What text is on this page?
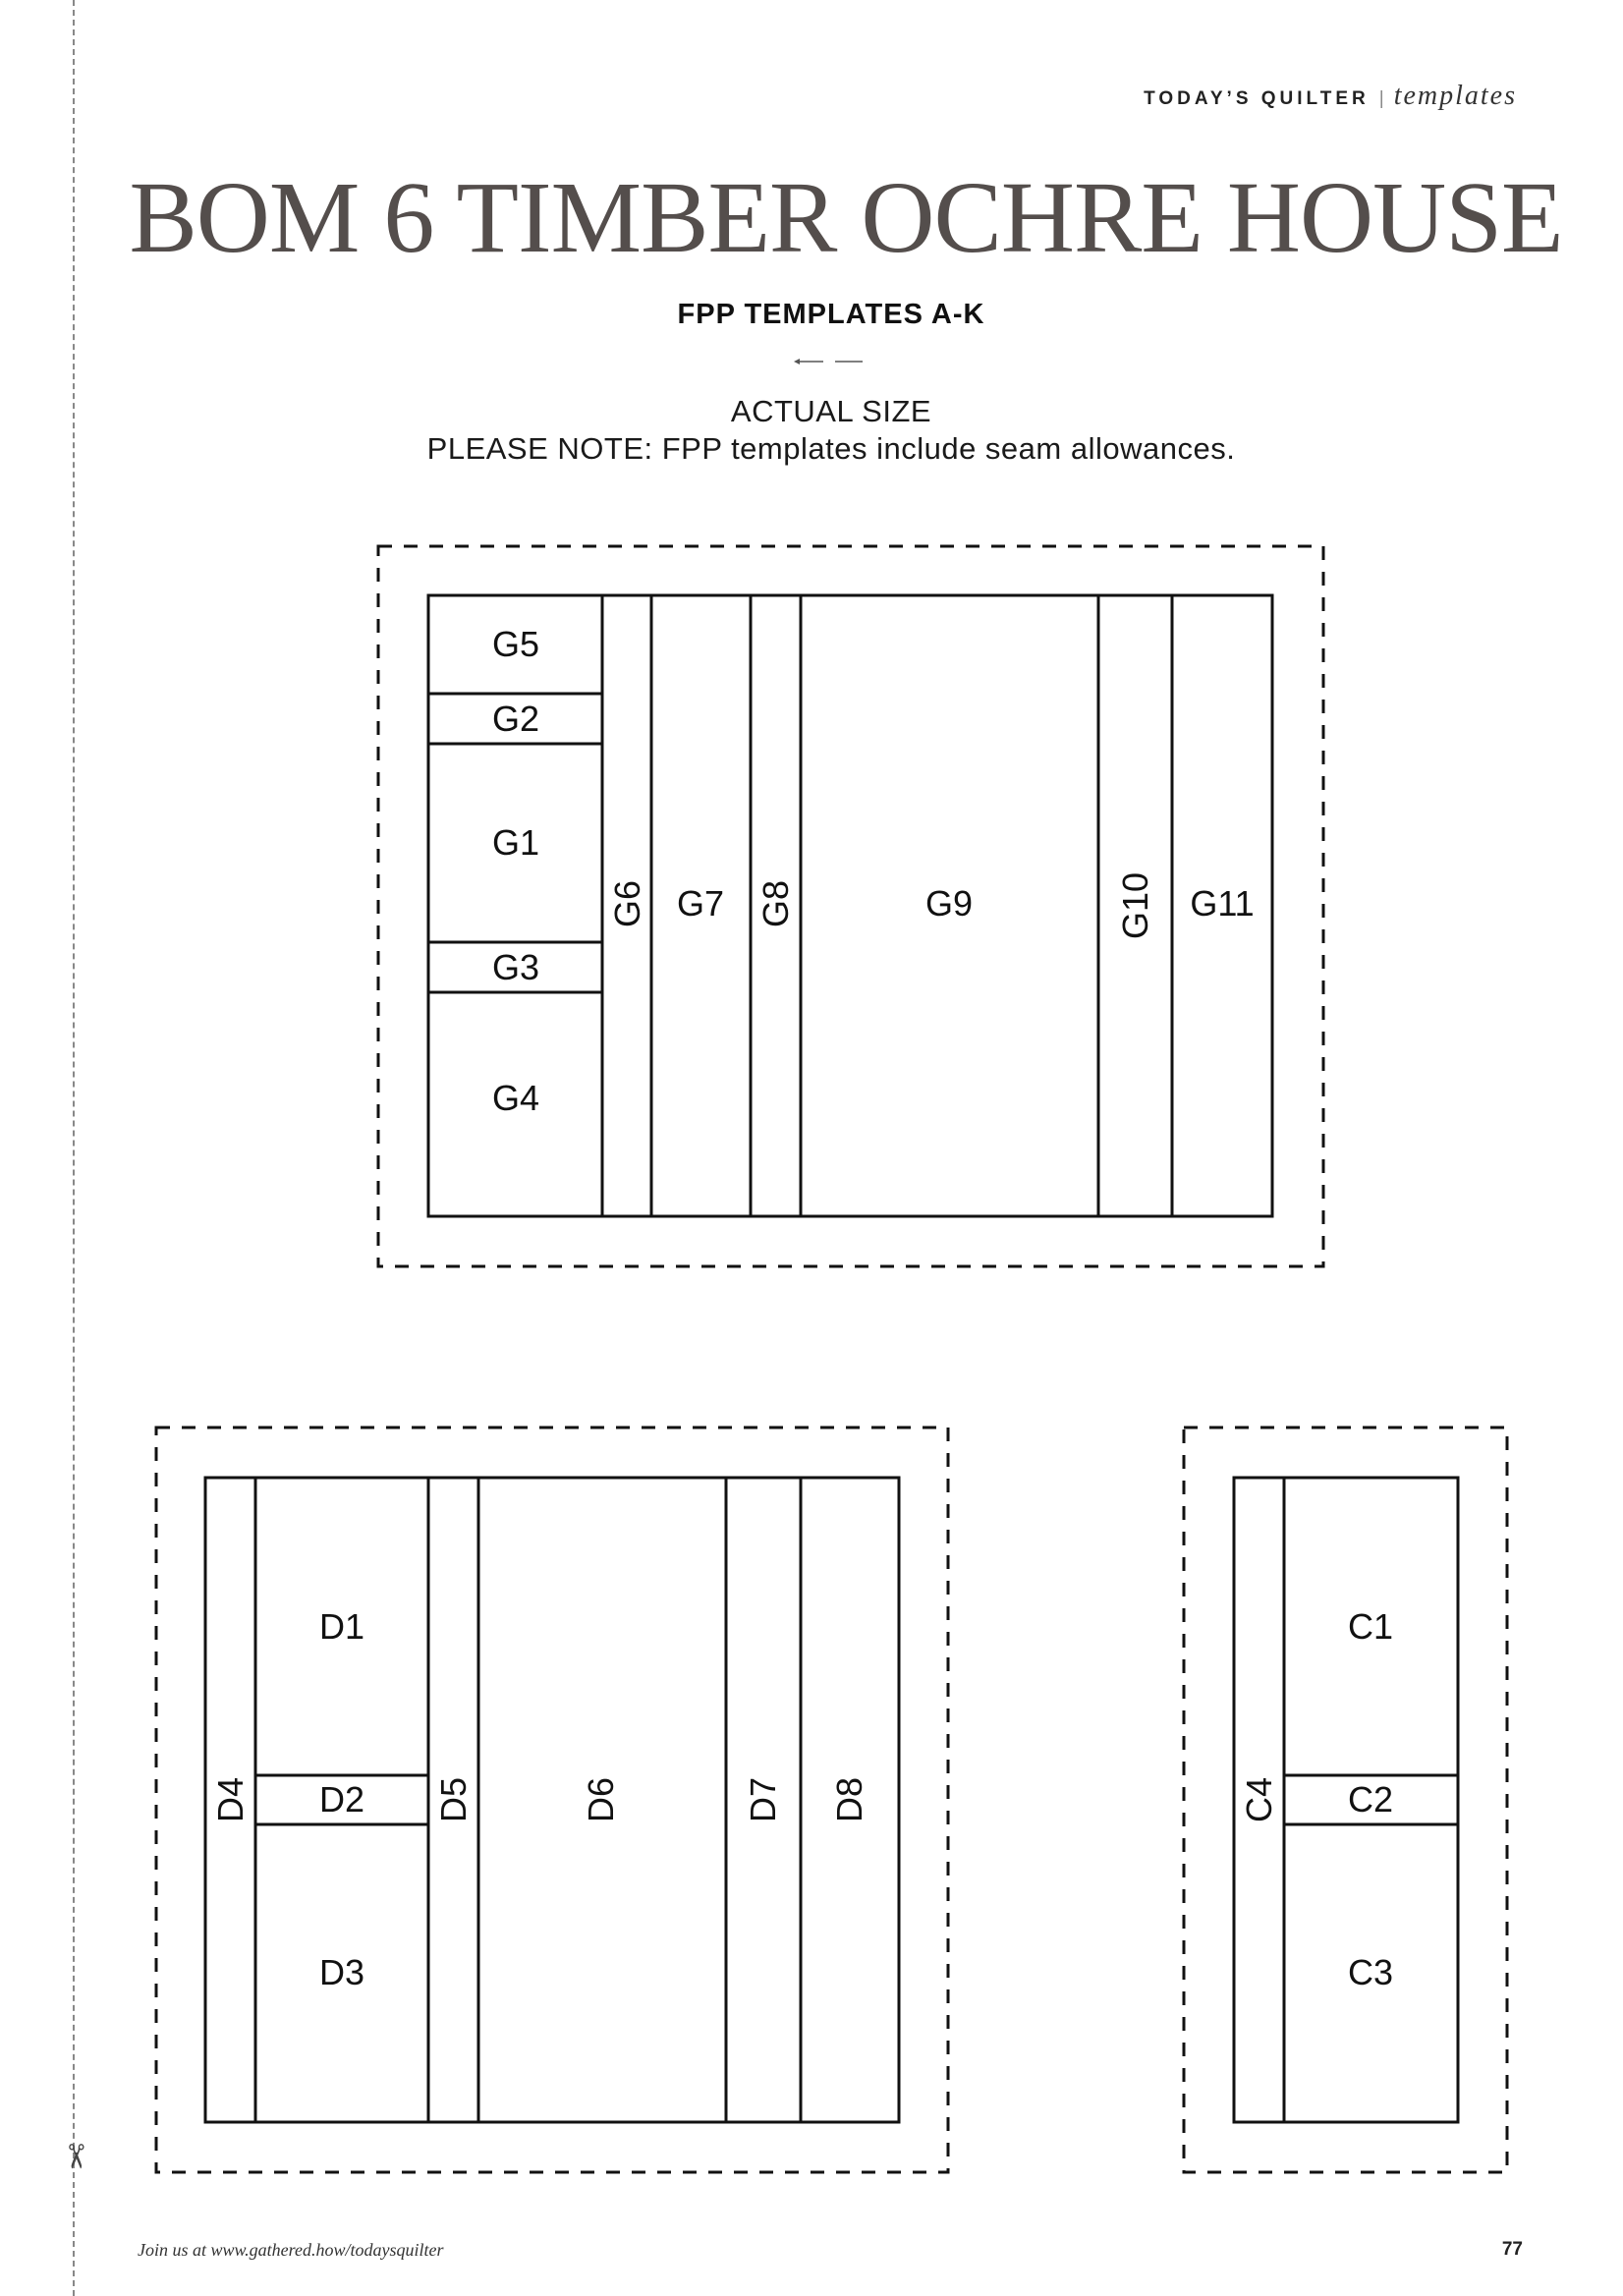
✂
TODAY’S QUILTER | templates
BOM 6 TIMBER OCHRE HOUSE
FPP TEMPLATES A-K
ACTUAL SIZE
PLEASE NOTE: FPP templates include seam allowances.
G5
G2
G1
G3
G4
G6 G7 G8	G9	G10 G11
D1
D2
D3
D4	D5	D6	D7 D8
C1
C2
C3
C4
Join us at www.gathered.how/todaysquilter	77
